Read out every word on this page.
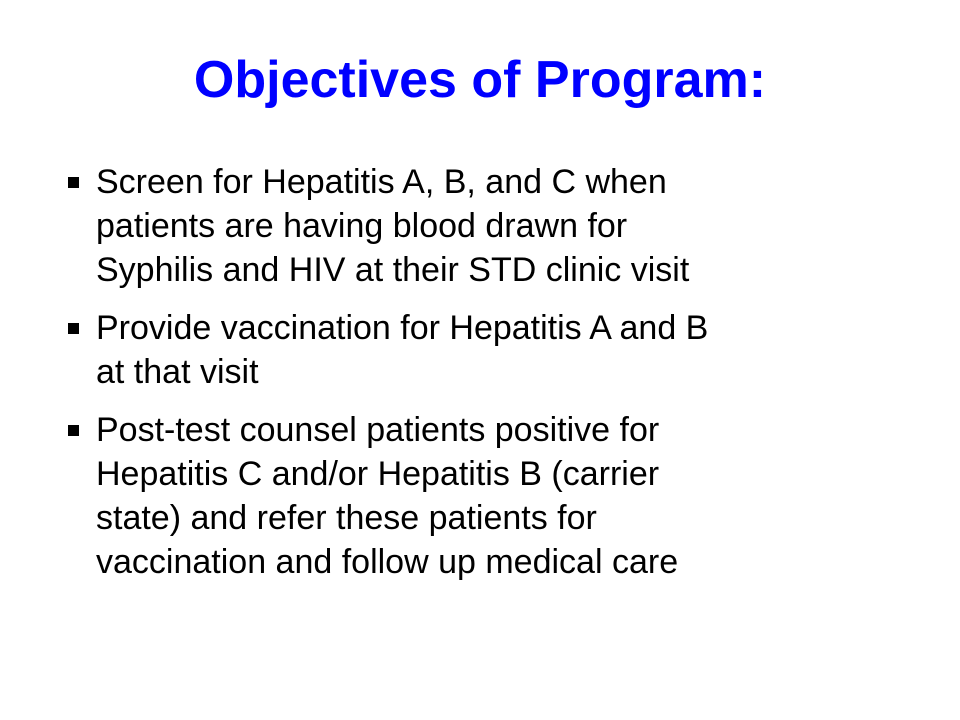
Objectives of Program:
Screen for Hepatitis A, B, and C when
patients are having blood drawn for
Syphilis and HIV at their STD clinic visit
Provide vaccination for Hepatitis A and B
at that visit
Post-test counsel patients positive for
Hepatitis C and/or Hepatitis B (carrier
state) and refer these patients for
vaccination and follow up medical care
